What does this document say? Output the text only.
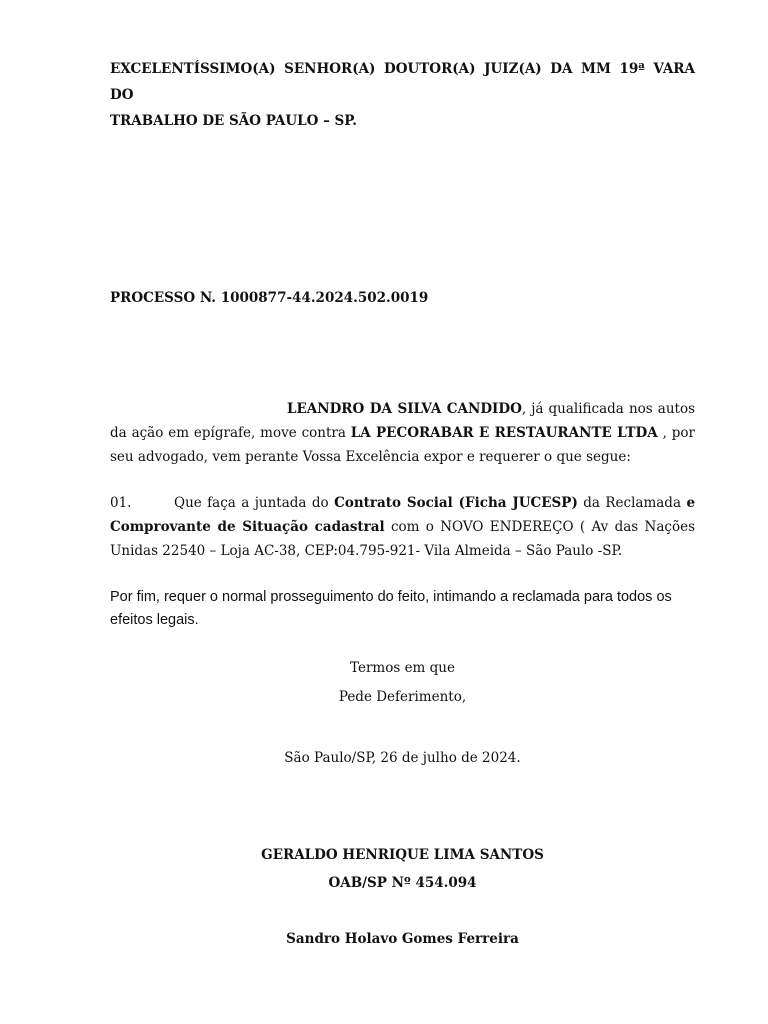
EXCELENTÍSSIMO(A) SENHOR(A) DOUTOR(A) JUIZ(A) DA MM 19ª VARA DO
TRABALHO DE SÃO PAULO – SP.
PROCESSO N. 1000877-44.2024.502.0019
LEANDRO DA SILVA CANDIDO, já qualificada nos autos da ação em epígrafe, move contra LA PECORABAR E RESTAURANTE LTDA , por seu advogado, vem perante Vossa Excelência expor e requerer o que segue:
01.	Que faça a juntada do Contrato Social (Ficha JUCESP) da Reclamada e Comprovante de Situação cadastral com o NOVO ENDEREÇO ( Av das Nações Unidas 22540 – Loja AC-38, CEP:04.795-921- Vila Almeida – São Paulo -SP.
Por fim, requer o normal prosseguimento do feito, intimando a reclamada para todos os efeitos legais.
Termos em que
Pede Deferimento,
São Paulo/SP, 26 de julho de 2024.
GERALDO HENRIQUE LIMA SANTOS
OAB/SP Nº 454.094
Sandro Holavo Gomes Ferreira
